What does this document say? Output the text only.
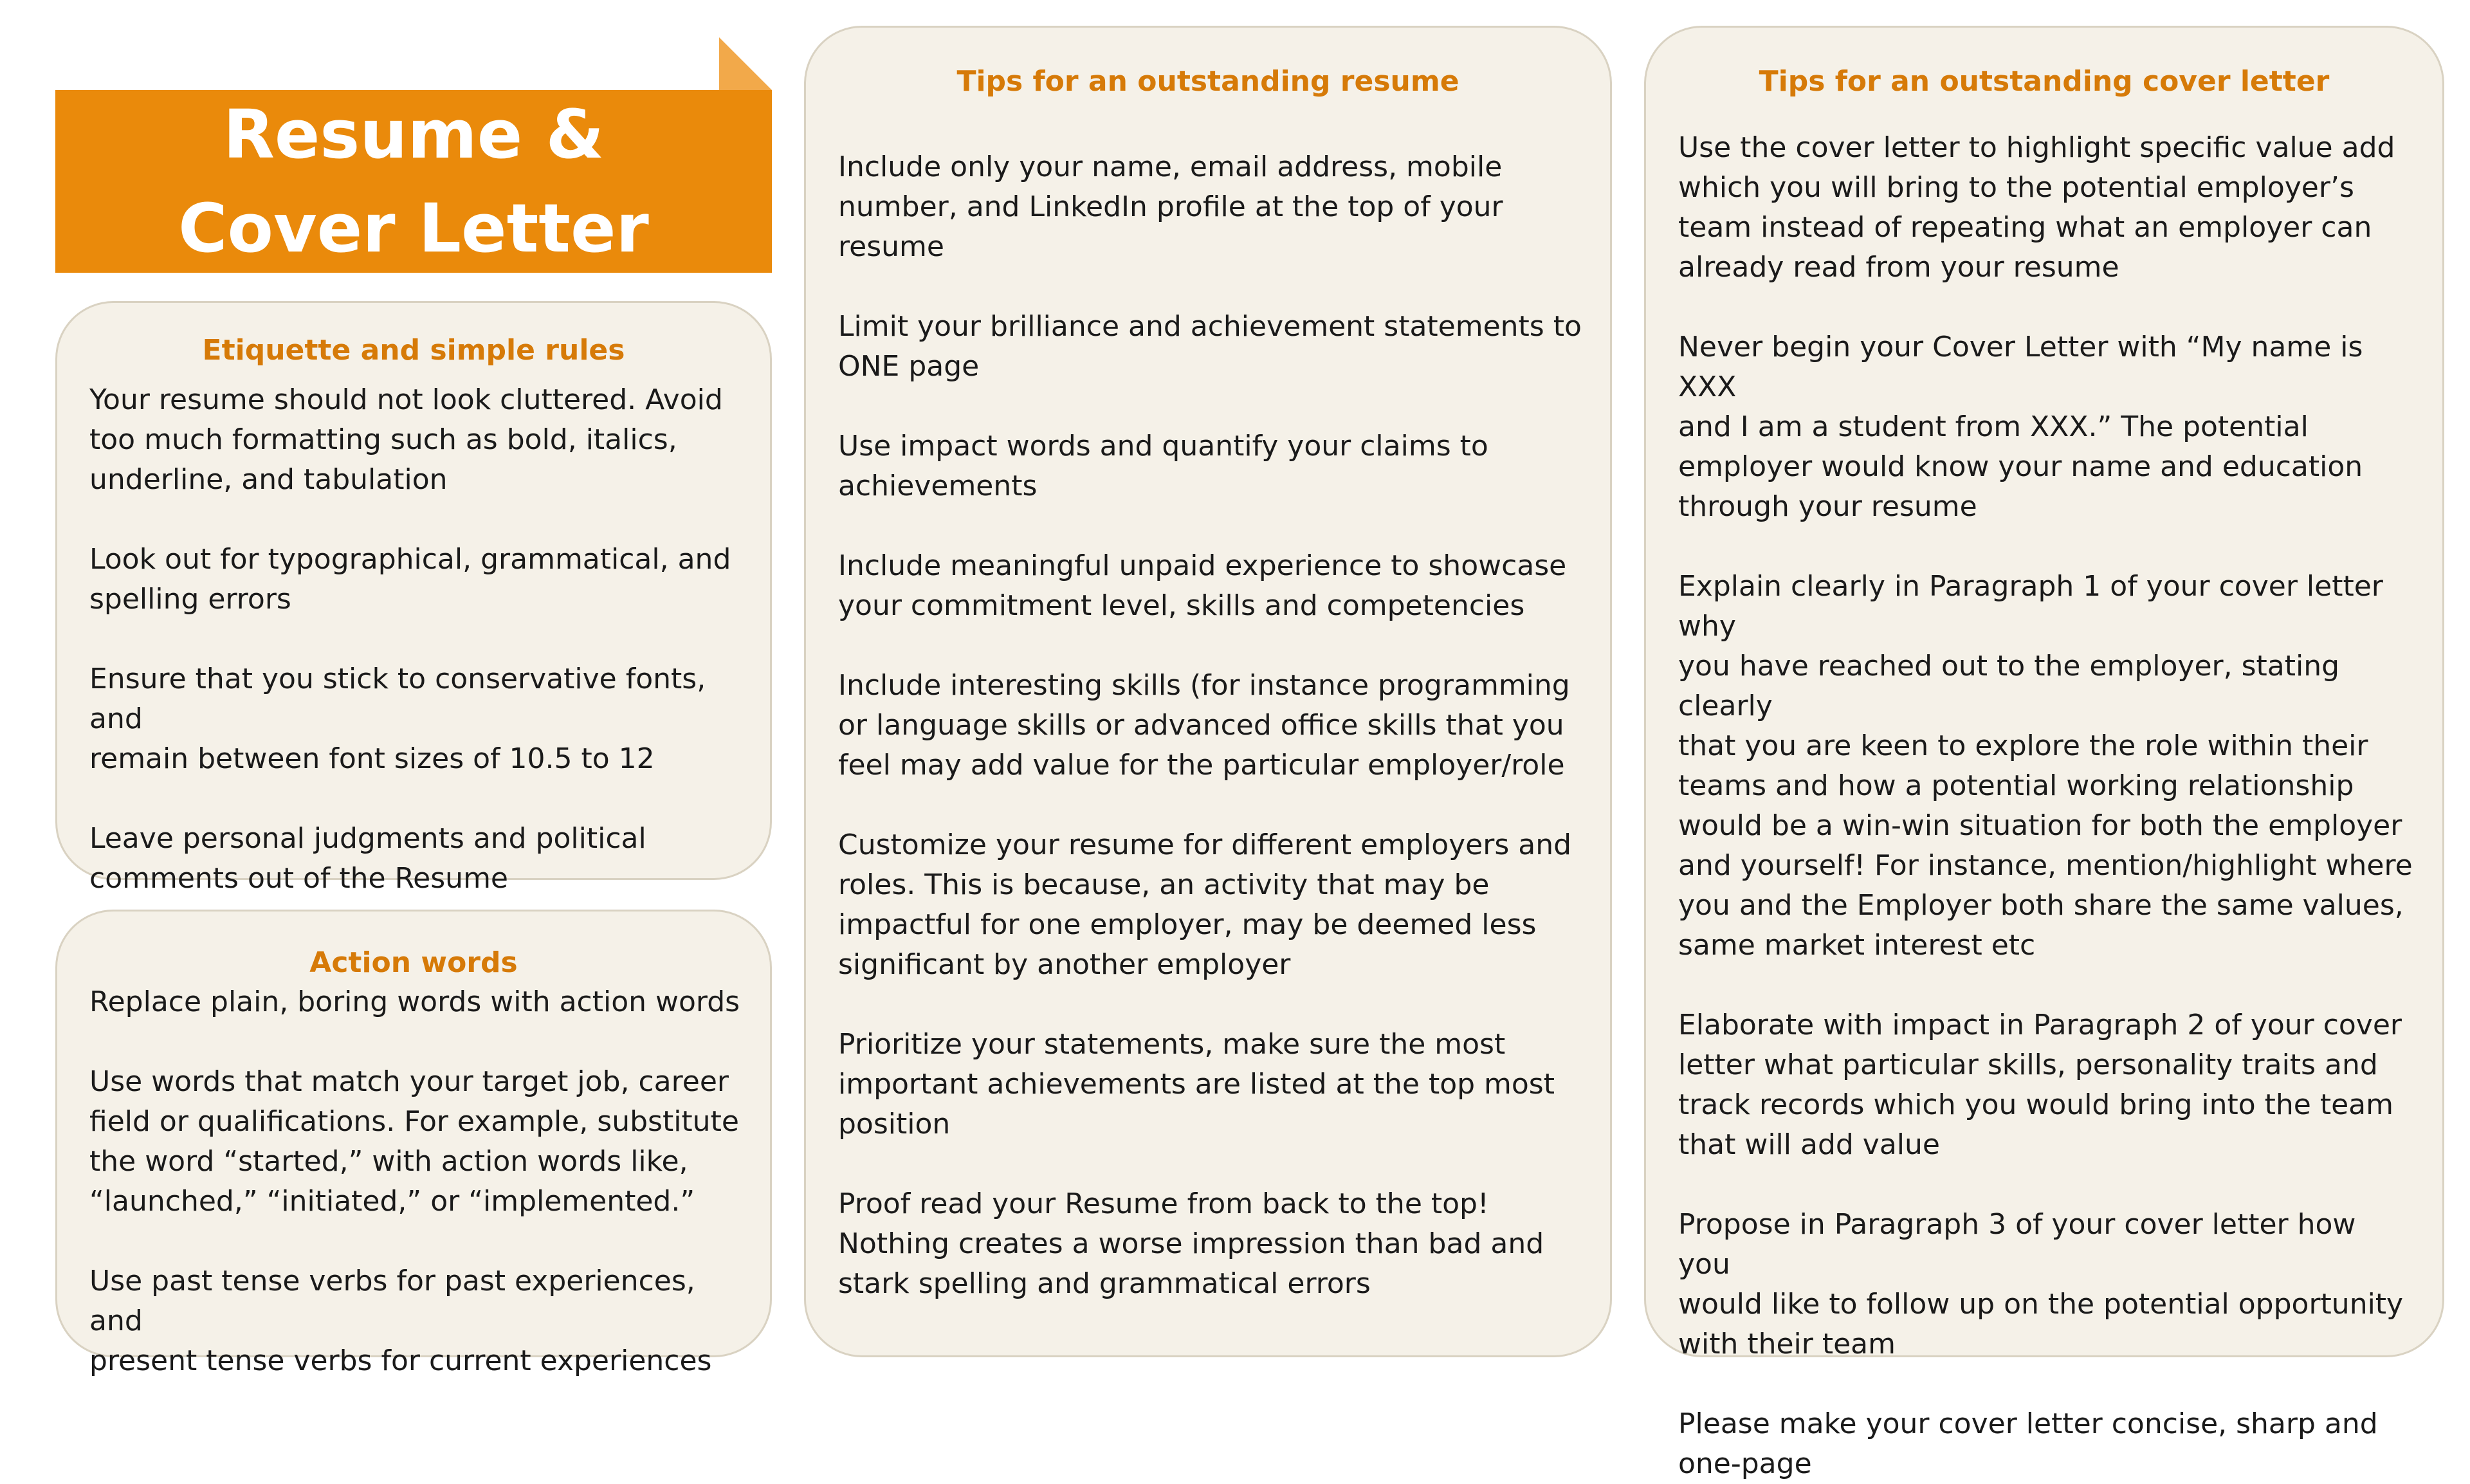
Resume &
Cover Letter
Etiquette and simple rules
Your resume should not look cluttered. Avoid
too much formatting such as bold, italics,
underline, and tabulation
Look out for typographical, grammatical, and
spelling errors
Ensure that you stick to conservative fonts, and
remain between font sizes of 10.5 to 12
Leave personal judgments and political
comments out of the Resume
Action words
Replace plain, boring words with action words
Use words that match your target job, career
field or qualifications. For example, substitute
the word “started,” with action words like,
“launched,” “initiated,” or “implemented.”
Use past tense verbs for past experiences, and
present tense verbs for current experiences
Tips for an outstanding resume
Include only your name, email address, mobile
number, and LinkedIn profile at the top of your
resume
Limit your brilliance and achievement statements to
ONE page
Use impact words and quantify your claims to
achievements
Include meaningful unpaid experience to showcase
your commitment level, skills and competencies
Include interesting skills (for instance programming
or language skills or advanced office skills that you
feel may add value for the particular employer/role
Customize your resume for different employers and
roles. This is because, an activity that may be
impactful for one employer, may be deemed less
significant by another employer
Prioritize your statements, make sure the most
important achievements are listed at the top most
position
Proof read your Resume from back to the top!
Nothing creates a worse impression than bad and
stark spelling and grammatical errors
Tips for an outstanding cover letter
Use the cover letter to highlight specific value add
which you will bring to the potential employer’s
team instead of repeating what an employer can
already read from your resume
Never begin your Cover Letter with “My name is XXX
and I am a student from XXX.” The potential
employer would know your name and education
through your resume
Explain clearly in Paragraph 1 of your cover letter why
you have reached out to the employer, stating clearly
that you are keen to explore the role within their
teams and how a potential working relationship
would be a win-win situation for both the employer
and yourself! For instance, mention/highlight where
you and the Employer both share the same values,
same market interest etc
Elaborate with impact in Paragraph 2 of your cover
letter what particular skills, personality traits and
track records which you would bring into the team
that will add value
Propose in Paragraph 3 of your cover letter how you
would like to follow up on the potential opportunity
with their team
Please make your cover letter concise, sharp and
one-page
